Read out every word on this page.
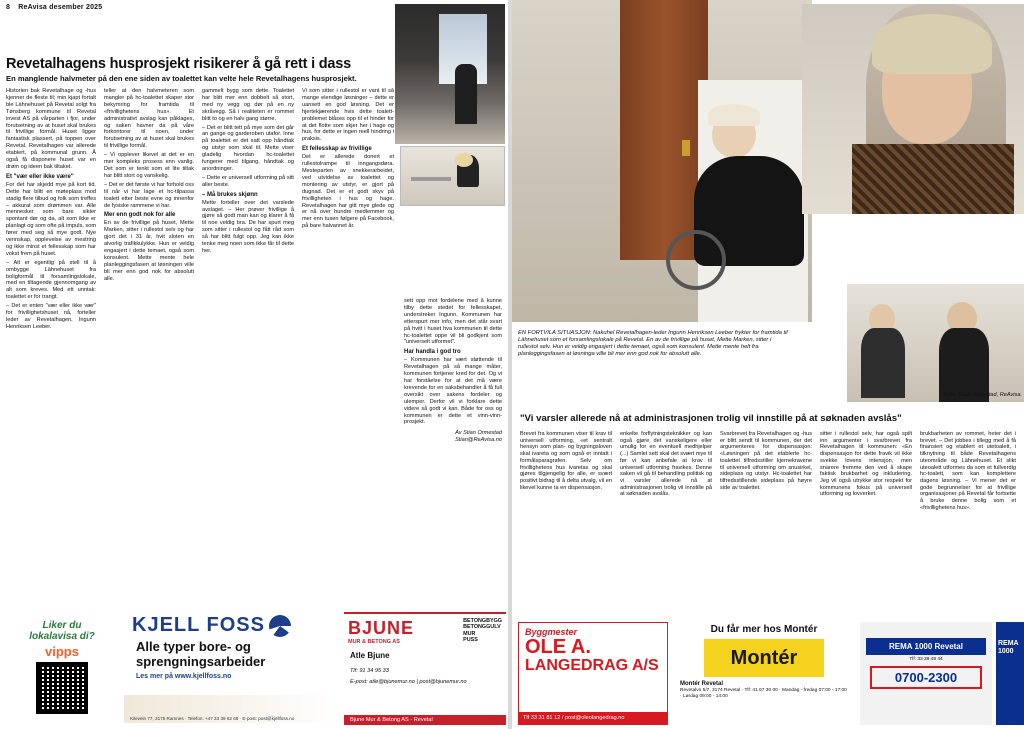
8 ReAvisa desember 2025
Revetalhagens husprosjekt risikerer å gå rett i dass
En manglende halvmeter på den ene siden av toalettet kan velte hele Revetalhagens husprosjekt.

Historien bak Revetalhage og -hus kjenner de fleste til; min kjapt fortalt ble Lähnehuset på Revetal solgt fra Tønsberg kommune til Revetal invest AS på vårparten i fjor, under forutsetning av at huset skal brukes til frivillige formål. Huset ligger fantastisk plassert, på toppen over Revetal. Revetalhagen var allerede etablert, på kommunal grunn. Å også få disponere huset var en drøm og ideen bak tiltaket.

Et "vær eller ikke være"

For det har skjedd mye på kort tid. Dette har blitt en møteplass mod stadig flere tilbud og folk som treffes – akkurat som drømmen var. Alle mennesker som bare sikter spontant dør og da, alt som ikke er planlagt og som ofte på impuls, som fører med seg så mye godt. Nye vennskap, opplevelse av mestring og ikke minst et fellesskap som har vokst frem på huset.

– Alt er egentlig på stell til å ombygge Lähnehuset fra boligformål til forsamlingslokale, med en tiltagende gjennomgang av alt som kreves. Med ett unntak: toalettet er for trangt.

– Det er enten "vær eller ikke vær" for frivillighetshuset nå, forteller leder av Revetalhagen, Ingunn Henriksen Leeber.

teller at den halvmeteren som mangler på hc-toalettet skaper stor bekymring for framtida til «frivillighetens hus». Et administrativt avslag kan påklages, og saken havner da på våre forkontorer til noen, under forutsetning av at huset skal brukes til frivillige formål.

– Vi opplever likevel at det er en mer kompleks prosess enn vanlig. Det som er tenkt som et lite tiltak har blitt stort og vanskelig.

– Det er det første vi har forhold oss til når vi har lage et hc-tilpassa toalett etter beste evne og innenfor de fysiske rammene vi har.

Mer enn godt nok for alle

En av de frivillige på huset, Mette Marken, sitter i rullestol selv og har gjort det i 31 år, hvit sloten en alvorlig trafikkulykke. Hun er veldig engasjert i dette temaet, også som konsulent. Mette mente hele planleggingsfasen at løsningen ville bli mer enn god nok for absolutt alle.

gammelt bygg som dette. Toalettet har blitt mer enn dobbelt så stort, med ny vegg og dør på en ny skråvegg. Så i realiteten er rommet blitt to og en halv gang større.

– Det er blitt tett på mye som det går an gange og garderoben utafor. Inne på toalettet er det satt opp håndtak og utstyr som skal til. Mette viser gladelig hvordan hc-toalettet fungerer med tilgang, håndtak og anordninger.

– Dette er universell utforming på sitt aller beste.

– Må brukes skjønn

Mette forteller over det varslede avslaget. – Her prøver frivillige å gjøre så godt man kan og klarer å få til noe veldig bra. De har spurt meg som sitter i rullestol og fått råd som så har blitt fulgt opp. Jeg kan ikke tenke meg noen som ikke får til dette her.

Vi som sitter i rullestol er vant til så mange elendige løsninger – dette er uansett en god løsning. Det er hjertekjærende hvis dette toalett-problemet blåses opp til et hinder for at det flotte som skjer her i hage og hus, for dette er ingen reell hindring i praksis.

Et fellesskap av frivillige

Det er allerede donert et rullestolrampe til inngangsdøra. Mesteparten av snekkerarbeidet, ved utvidelse av toalettet og montering av utstyr, er gjort på dugnad. Det er et godt skyv på frivilligheten i hus og hage. Revetalhagen har gitt mye glede og er nå over hundre medlemmer og mer enn tusen følgere på Facebook, på bare halvannet år.

sett opp mot fordelene med å kunne tilby dette stedet for fellesskapet, understreker Ingunn. Kommunen har etterspurt mer info, men det står svart på hvitt i huset hva kommunen til dette hc-toalettet oppe vil bli godkjent som "universelt utformet".

Har handla i god tro

– Kommunen har vært støttende til Revetalhagen på så mange måter, kommunen fortjener kred for det. Og vi har forståelse for at det må være krevende for en saksbehandler å få full oversikt over sakens fordeler og ulemper. Derfor vil vi forklare dette videre så godt vi kan. Både for oss og kommunen er dette et vinn-vinn-prosjekt.

Av Stian Ormestad
Stian@ReAvisa.no
Liker du
lokalavisa di?
vipps
KJELL FOSS
Alle typer bore- og
sprengningsarbeider
Les mer på www.kjellfoss.no
Kilevein 77, 3175 Ramnes · Telefon: +47 33 39 62 66 · E-post: post@kjellfoss.no
BJUNE
MUR & BETONG AS
BETONGBYGG
BETONGGULV
MUR
PUSS
Atle Bjune
Tlf: 91 34 95 33
E-post: atle@bjunemur.no | post@bjunemur.no
Bjune Mur & Betong AS - Revetal
EN FORTVILA SITUASJON: Nakuhel Revetalhagen-leder Ingunn Henriksen Leeber frykter for framtida til Lähnehuset som et forsamlingslokale på Revetal. En av de frivillige på huset, Mette Marken, sitter i rullestol selv. Hun er veldig engasjert i dette temaet, også som konsulent. Mette mente helt fra planleggingsfasen at løsninga ville bli mer enn god nok for absolutt alle.
Foto: Stian Ormestad, ReAvisa.
"Vi varsler allerede nå at administrasjonen trolig vil innstille på at søknaden avslås"

Brevet fra kommunen viser til krav til universell utforming, «et sentralt hensyn som plan- og bygningsloven skal ivareta og som også er inntatt i formålsparagrafen. Selv om frivillighetens hus ivaretas og skal gjøres tilgjengelig for alle, er svært positivt bidrag til å delta utvalg, vil en likevel kunne ta en dispensasjon.

enkelte forflytningsteknikker og kan også gjøre det vanskeligere eller umulig for en eventuell medhjelper (...) Samlet sett skal det svært mye til før vi kan anbefale at krav til universell utforming fravikes. Denne saken vil gå til behandling politisk og vi varsler allerede nå at administrasjonen trolig vil innstille på at søknaden avslås.

Svarbrevet fra Revetalhagen og -hus er blitt sendt til kommunen, der det argumenteres for dispensasjon: «Løsningen på det etablerte hc-toalettet tilfredsstiller kjernekravene til universell utforming om snusirkel, sideplass og utstyr. Hc-toalettet har tilfredsstillende sideplass på høyre side av toalettet.

sitter i rullestol selv, har også spilt inn argumenter i svarbrevet fra Revetalhagen til kommunen: «En dispensasjon for dette fravik vil ikke svekke lovens intensjon, men snarere fremme den ved å skape faktisk brukbarhet og inkludering. Jeg vil også utrykke stor respekt for kommunens fokus på universell utforming og lovverket.

brukbarheten av rommet, heter det i brevet. – Det jobbes i tillegg med å få finansiert og etablert et utetoalett, i tilknytning til både Revetalhagens uteområde og Lähnehuset. Et slikt uteoalett utformes da som et fullverdig hc-toalett, som kan komplettere dagens løsning. – Vi mener det er gode begrunnelser for at frivillige organisasjoner på Revetal får fortsette å bruke denne bolig som et «frivillighetens hus».

Byggmester
OLE A.
LANGEDRAG A/S
Tlf 33 31 81 12 / post@oleolangedrag.no
Du får mer hos Montér
Montér
Montér Revetal
Revetalvn 5/7, 3174 Revetal · Tlf: 41 67 30 00 · Mandag - fredag 07:00 - 17:00 · Lørdag 09:00 - 14:00
REMA 1000 Revetal
Tlf: 33 39 48 44
0700-2300
REMA 1000
